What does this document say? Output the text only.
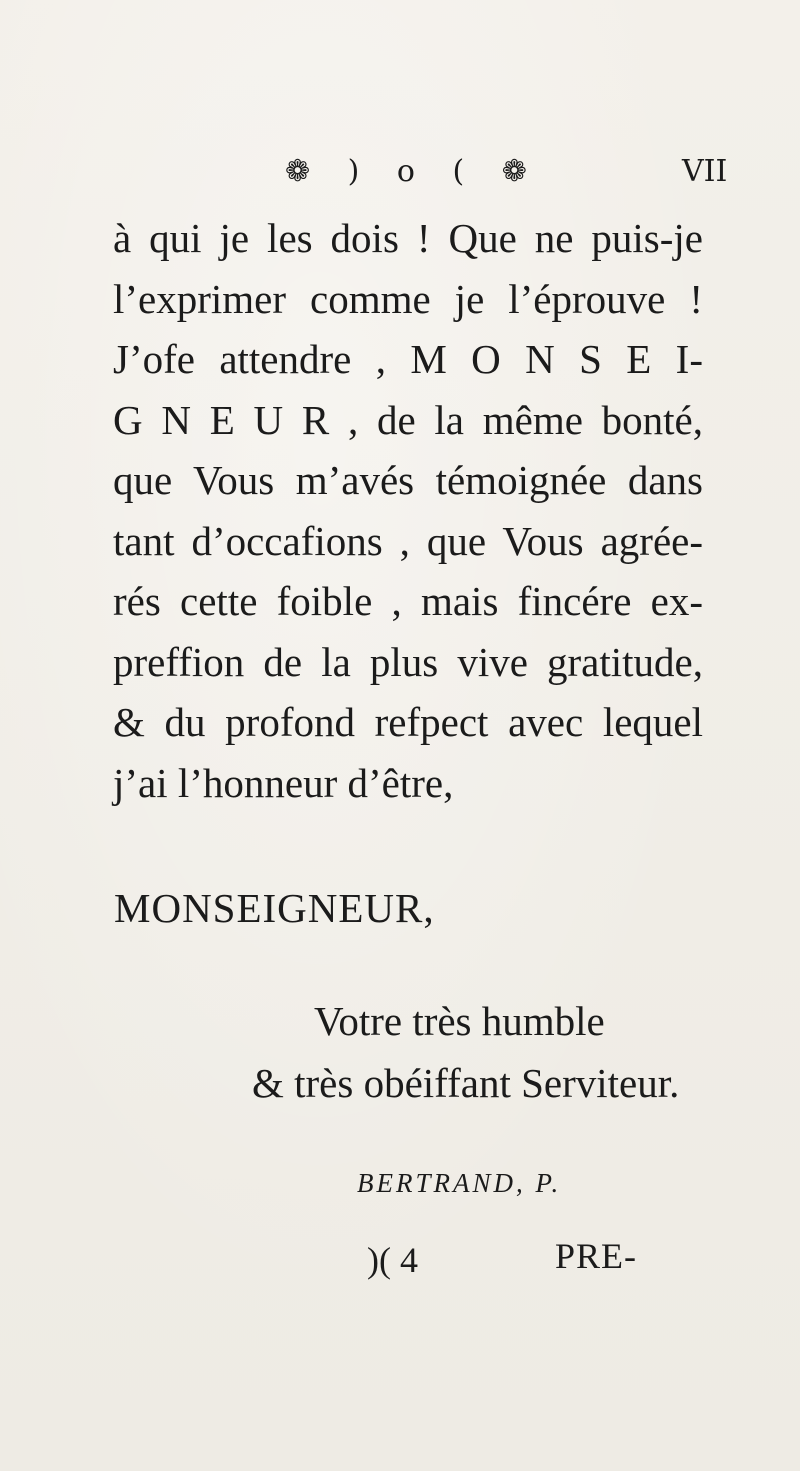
❁ ) o ( ❁	VII
à qui je les dois ! Que ne puis-je
l’exprimer comme je l’éprouve !
J’ofe attendre , M O N S E I-
G N E U R , de la même bonté,
que Vous m’avés témoignée dans
tant d’occafions , que Vous agrée-
rés cette foible , mais fincére ex-
preffion de la plus vive gratitude,
& du profond refpect avec lequel
j’ai l’honneur d’être,
MONSEIGNEUR,
Votre très humble
& très obéiffant Serviteur.
BERTRAND, P.
)( 4	PRE-
